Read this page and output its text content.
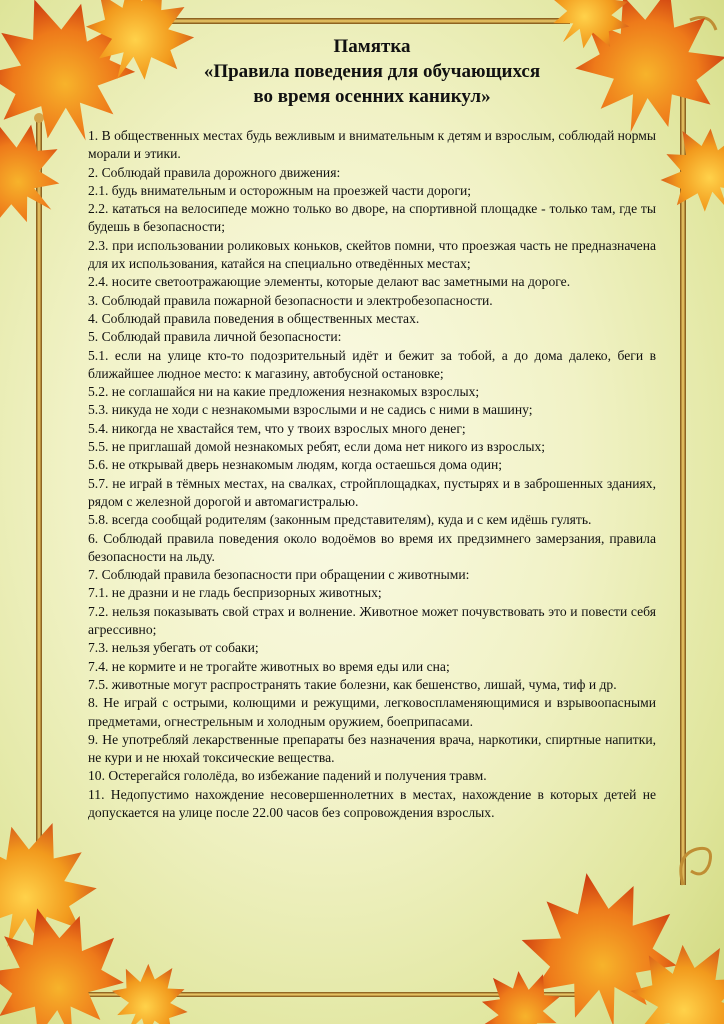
Памятка
«Правила поведения для обучающихся
во время осенних каникул»
1. В общественных местах будь вежливым и внимательным к детям и взрослым, соблюдай нормы морали и этики.
2. Соблюдай правила дорожного движения:
2.1. будь внимательным и осторожным на проезжей части дороги;
2.2. кататься на велосипеде можно только во дворе, на спортивной площадке - только там, где ты будешь в безопасности;
2.3. при использовании роликовых коньков, скейтов помни, что проезжая часть не предназначена для их использования, катайся на специально отведённых местах;
2.4. носите светоотражающие элементы, которые делают вас заметными на дороге.
3. Соблюдай правила пожарной безопасности и электробезопасности.
4. Соблюдай правила поведения в общественных местах.
5. Соблюдай правила личной безопасности:
5.1. если на улице кто-то подозрительный идёт и бежит за тобой, а до дома далеко, беги в ближайшее людное место: к магазину, автобусной остановке;
5.2. не соглашайся ни на какие предложения незнакомых взрослых;
5.3. никуда не ходи с незнакомыми взрослыми и не садись с ними в машину;
5.4. никогда не хвастайся тем, что у твоих взрослых много денег;
5.5. не приглашай домой незнакомых ребят, если дома нет никого из взрослых;
5.6. не открывай дверь незнакомым людям, когда остаешься дома один;
5.7. не играй в тёмных местах, на свалках, стройплощадках, пустырях и в заброшенных зданиях, рядом с железной дорогой и автомагистралью.
5.8. всегда сообщай родителям (законным представителям), куда и с кем идёшь гулять.
6. Соблюдай правила поведения около водоёмов во время их предзимнего замерзания, правила безопасности на льду.
7. Соблюдай правила безопасности при обращении с животными:
7.1. не дразни и не гладь беспризорных животных;
7.2. нельзя показывать свой страх и волнение. Животное может почувствовать это и повести себя агрессивно;
7.3. нельзя убегать от собаки;
7.4. не кормите и не трогайте животных во время еды или сна;
7.5. животные могут распространять такие болезни, как бешенство, лишай, чума, тиф и др.
8. Не играй с острыми, колющими и режущими, легковоспламеняющимися и взрывоопасными предметами, огнестрельным и холодным оружием, боеприпасами.
9. Не употребляй лекарственные препараты без назначения врача, наркотики, спиртные напитки, не кури и не нюхай токсические вещества.
10. Остерегайся гололёда, во избежание падений и получения травм.
11. Недопустимо нахождение несовершеннолетних в местах, нахождение в которых детей не допускается на улице после 22.00 часов без сопровождения взрослых.
